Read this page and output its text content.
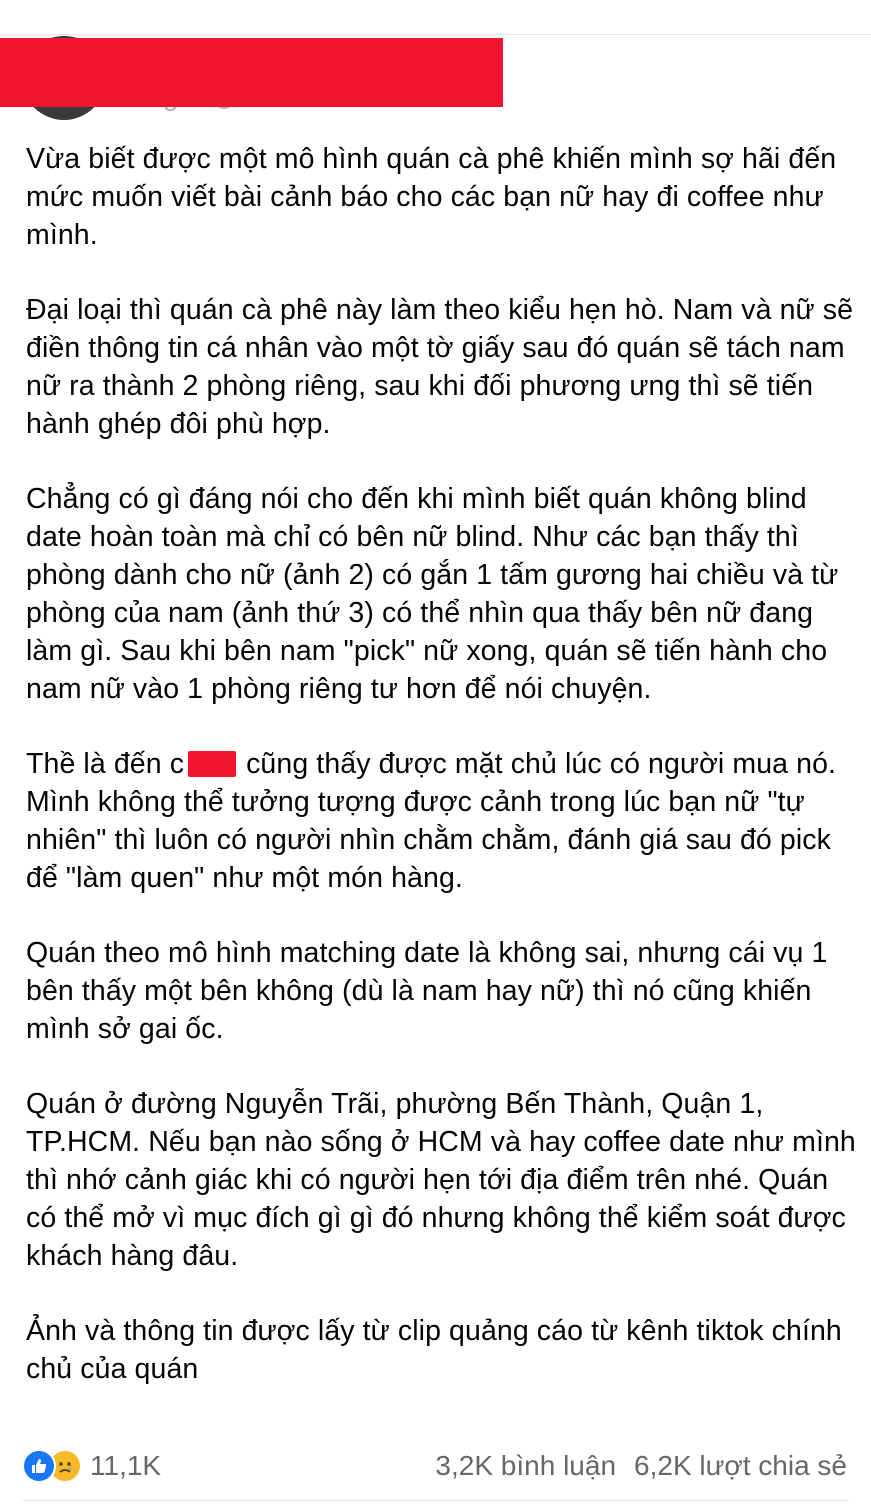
Vừa biết được một mô hình quán cà phê khiến mình sợ hãi đến mức muốn viết bài cảnh báo cho các bạn nữ hay đi coffee như mình.

Đại loại thì quán cà phê này làm theo kiểu hẹn hò. Nam và nữ sẽ điền thông tin cá nhân vào một tờ giấy sau đó quán sẽ tách nam nữ ra thành 2 phòng riêng, sau khi đối phương ưng thì sẽ tiến hành ghép đôi phù hợp.

Chẳng có gì đáng nói cho đến khi mình biết quán không blind date hoàn toàn mà chỉ có bên nữ blind. Như các bạn thấy thì phòng dành cho nữ (ảnh 2) có gắn 1 tấm gương hai chiều và từ phòng của nam (ảnh thứ 3) có thể nhìn qua thấy bên nữ đang làm gì. Sau khi bên nam "pick" nữ xong, quán sẽ tiến hành cho nam nữ vào 1 phòng riêng tư hơn để nói chuyện.

Thề là đến c cũng thấy được mặt chủ lúc có người mua nó. Mình không thể tưởng tượng được cảnh trong lúc bạn nữ "tự nhiên" thì luôn có người nhìn chằm chằm, đánh giá sau đó pick để "làm quen" như một món hàng.

Quán theo mô hình matching date là không sai, nhưng cái vụ 1 bên thấy một bên không (dù là nam hay nữ) thì nó cũng khiến mình sở gai ốc.

Quán ở đường Nguyễn Trãi, phường Bến Thành, Quận 1, TP.HCM. Nếu bạn nào sống ở HCM và hay coffee date như mình thì nhớ cảnh giác khi có người hẹn tới địa điểm trên nhé. Quán có thể mở vì mục đích gì gì đó nhưng không thể kiểm soát được khách hàng đâu.

Ảnh và thông tin được lấy từ clip quảng cáo từ kênh tiktok chính chủ của quán

11,1K	3,2K bình luận 6,2K lượt chia sẻ
